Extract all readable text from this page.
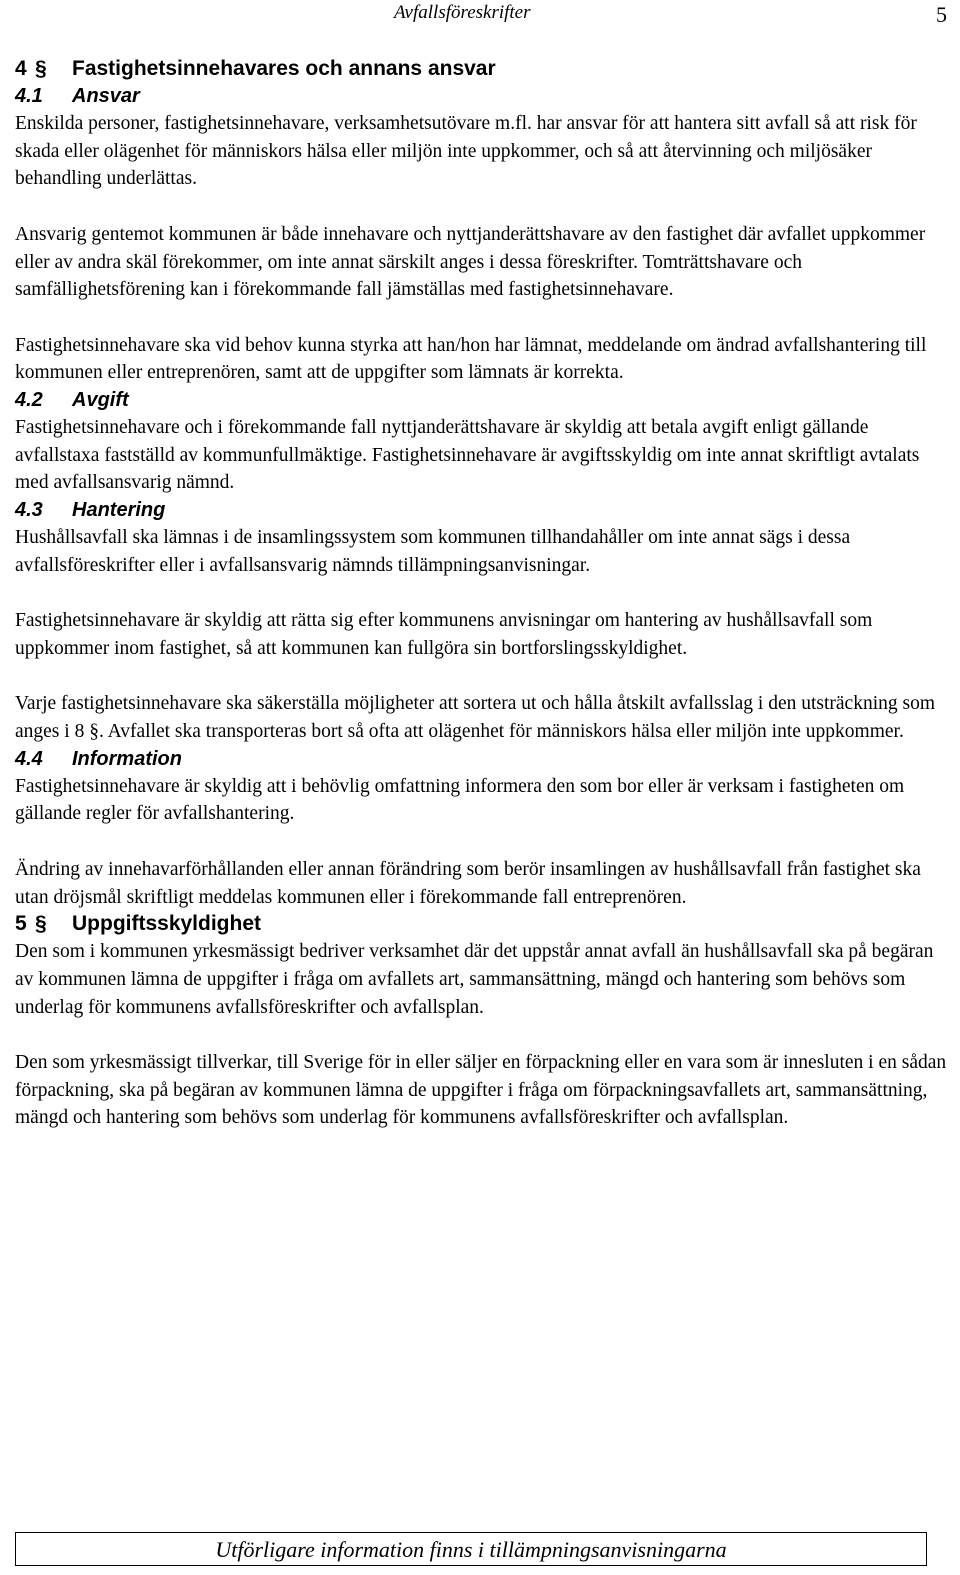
Avfallsföreskrifter	5
4 § Fastighetsinnehavares och annans ansvar
4.1 Ansvar

Enskilda personer, fastighetsinnehavare, verksamhetsutövare m.fl. har ansvar för att hantera sitt avfall så att risk för skada eller olägenhet för människors hälsa eller miljön inte uppkommer, och så att återvinning och miljösäker behandling underlättas.

Ansvarig gentemot kommunen är både innehavare och nyttjanderättshavare av den fastighet där avfallet uppkommer eller av andra skäl förekommer, om inte annat särskilt anges i dessa föreskrifter. Tomträttshavare och samfällighetsförening kan i förekommande fall jämställas med fastighetsinnehavare.

Fastighetsinnehavare ska vid behov kunna styrka att han/hon har lämnat, meddelande om ändrad avfallshantering till kommunen eller entreprenören, samt att de uppgifter som lämnats är korrekta.

4.2 Avgift

Fastighetsinnehavare och i förekommande fall nyttjanderättshavare är skyldig att betala avgift enligt gällande avfallstaxa fastställd av kommunfullmäktige. Fastighetsinnehavare är avgiftsskyldig om inte annat skriftligt avtalats med avfallsansvarig nämnd.

4.3 Hantering

Hushållsavfall ska lämnas i de insamlingssystem som kommunen tillhandahåller om inte annat sägs i dessa avfallsföreskrifter eller i avfallsansvarig nämnds tillämpningsanvisningar.

Fastighetsinnehavare är skyldig att rätta sig efter kommunens anvisningar om hantering av hushållsavfall som uppkommer inom fastighet, så att kommunen kan fullgöra sin bortforslingsskyldighet.

Varje fastighetsinnehavare ska säkerställa möjligheter att sortera ut och hålla åtskilt avfallsslag i den utsträckning som anges i 8 §. Avfallet ska transporteras bort så ofta att olägenhet för människors hälsa eller miljön inte uppkommer.

4.4 Information

Fastighetsinnehavare är skyldig att i behövlig omfattning informera den som bor eller är verksam i fastigheten om gällande regler för avfallshantering.

Ändring av innehavarförhållanden eller annan förändring som berör insamlingen av hushållsavfall från fastighet ska utan dröjsmål skriftligt meddelas kommunen eller i förekommande fall entreprenören.

5 § Uppgiftsskyldighet

Den som i kommunen yrkesmässigt bedriver verksamhet där det uppstår annat avfall än hushållsavfall ska på begäran av kommunen lämna de uppgifter i fråga om avfallets art, sammansättning, mängd och hantering som behövs som underlag för kommunens avfallsföreskrifter och avfallsplan.

Den som yrkesmässigt tillverkar, till Sverige för in eller säljer en förpackning eller en vara som är innesluten i en sådan förpackning, ska på begäran av kommunen lämna de uppgifter i fråga om förpackningsavfallets art, sammansättning, mängd och hantering som behövs som underlag för kommunens avfallsföreskrifter och avfallsplan.

Utförligare information finns i tillämpningsanvisningarna
